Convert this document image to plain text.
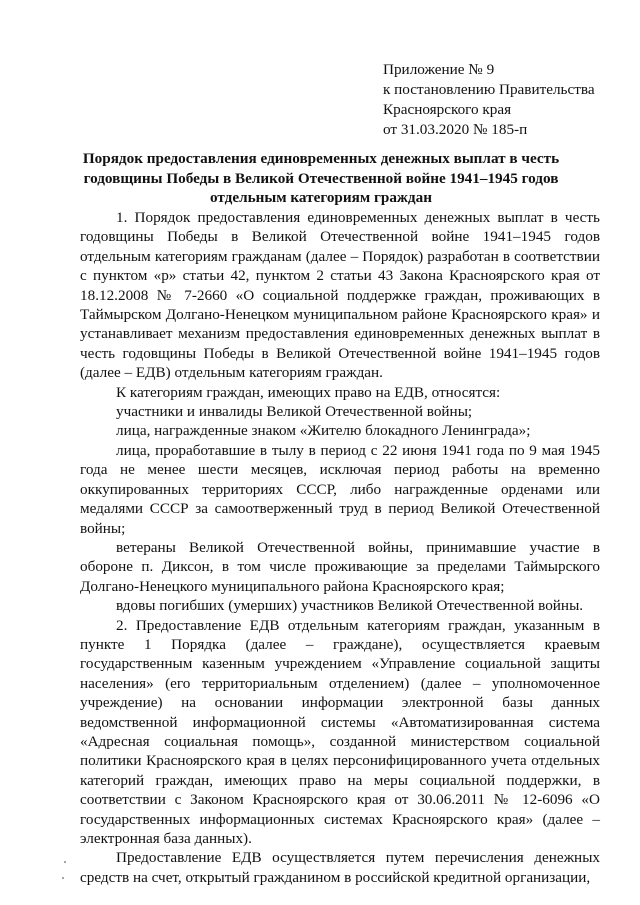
Приложение № 9
к постановлению Правительства
Красноярского края
от 31.03.2020 № 185-п
Порядок предоставления единовременных денежных выплат в честь годовщины Победы в Великой Отечественной войне 1941–1945 годов отдельным категориям граждан

1. Порядок предоставления единовременных денежных выплат в честь годовщины Победы в Великой Отечественной войне 1941–1945 годов отдельным категориям гражданам (далее – Порядок) разработан в соответствии с пунктом «р» статьи 42, пунктом 2 статьи 43 Закона Красноярского края от 18.12.2008 № 7-2660 «О социальной поддержке граждан, проживающих в Таймырском Долгано-Ненецком муниципальном районе Красноярского края» и устанавливает механизм предоставления единовременных денежных выплат в честь годовщины Победы в Великой Отечественной войне 1941–1945 годов (далее – ЕДВ) отдельным категориям граждан.

К категориям граждан, имеющих право на ЕДВ, относятся:

участники и инвалиды Великой Отечественной войны;

лица, награжденные знаком «Жителю блокадного Ленинграда»;

лица, проработавшие в тылу в период с 22 июня 1941 года по 9 мая 1945 года не менее шести месяцев, исключая период работы на временно оккупированных территориях СССР, либо награжденные орденами или медалями СССР за самоотверженный труд в период Великой Отечественной войны;

ветераны Великой Отечественной войны, принимавшие участие в обороне п. Диксон, в том числе проживающие за пределами Таймырского Долгано-Ненецкого муниципального района Красноярского края;

вдовы погибших (умерших) участников Великой Отечественной войны.

2. Предоставление ЕДВ отдельным категориям граждан, указанным в пункте 1 Порядка (далее – граждане), осуществляется краевым государственным казенным учреждением «Управление социальной защиты населения» (его территориальным отделением) (далее – уполномоченное учреждение) на основании информации электронной базы данных ведомственной информационной системы «Автоматизированная система «Адресная социальная помощь», созданной министерством социальной политики Красноярского края в целях персонифицированного учета отдельных категорий граждан, имеющих право на меры социальной поддержки, в соответствии с Законом Красноярского края от 30.06.2011 № 12-6096 «О государственных информационных системах Красноярского края» (далее – электронная база данных).

Предоставление ЕДВ осуществляется путем перечисления денежных средств на счет, открытый гражданином в российской кредитной организации,
